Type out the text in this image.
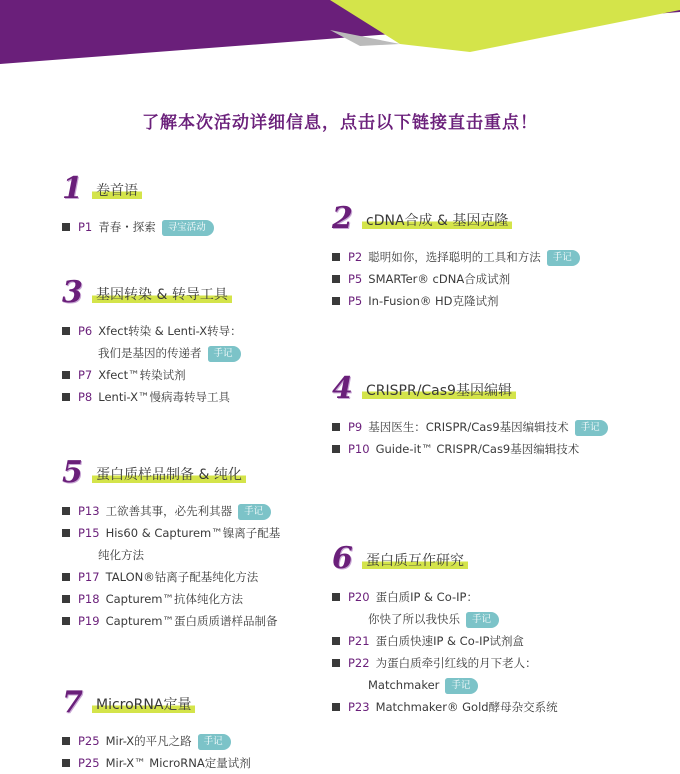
了解本次活动详细信息，点击以下链接直击重点！
1 卷首语
P1 青春・探索 寻宝活动	2 cDNA合成 & 基因克隆
P2 聪明如你，选择聪明的工具和方法 手记
P5 SMARTer® cDNA合成试剂
P5 In-Fusion® HD克隆试剂
3 基因转染 & 转导工具
P6 Xfect转染 & Lenti-X转导：
我们是基因的传递者 手记
P7 Xfect™转染试剂
P8 Lenti-X™慢病毒转导工具	4 CRISPR/Cas9基因编辑
P9 基因医生：CRISPR/Cas9基因编辑技术 手记
P10 Guide-it™ CRISPR/Cas9基因编辑技术
5 蛋白质样品制备 & 纯化
P13 工欲善其事，必先利其器 手记
P15 His60 & Capturem™镍离子配基
纯化方法
P17 TALON®钴离子配基纯化方法
P18 Capturem™抗体纯化方法
P19 Capturem™蛋白质质谱样品制备
6 蛋白质互作研究
P20 蛋白质IP & Co-IP：
你快了所以我快乐 手记
P21 蛋白质快速IP & Co-IP试剂盒
P22 为蛋白质牵引红线的月下老人：
Matchmaker 手记
P23 Matchmaker® Gold酵母杂交系统
7 MicroRNA定量
P25 Mir-X的平凡之路 手记
P25 Mir-X™ MicroRNA定量试剂
